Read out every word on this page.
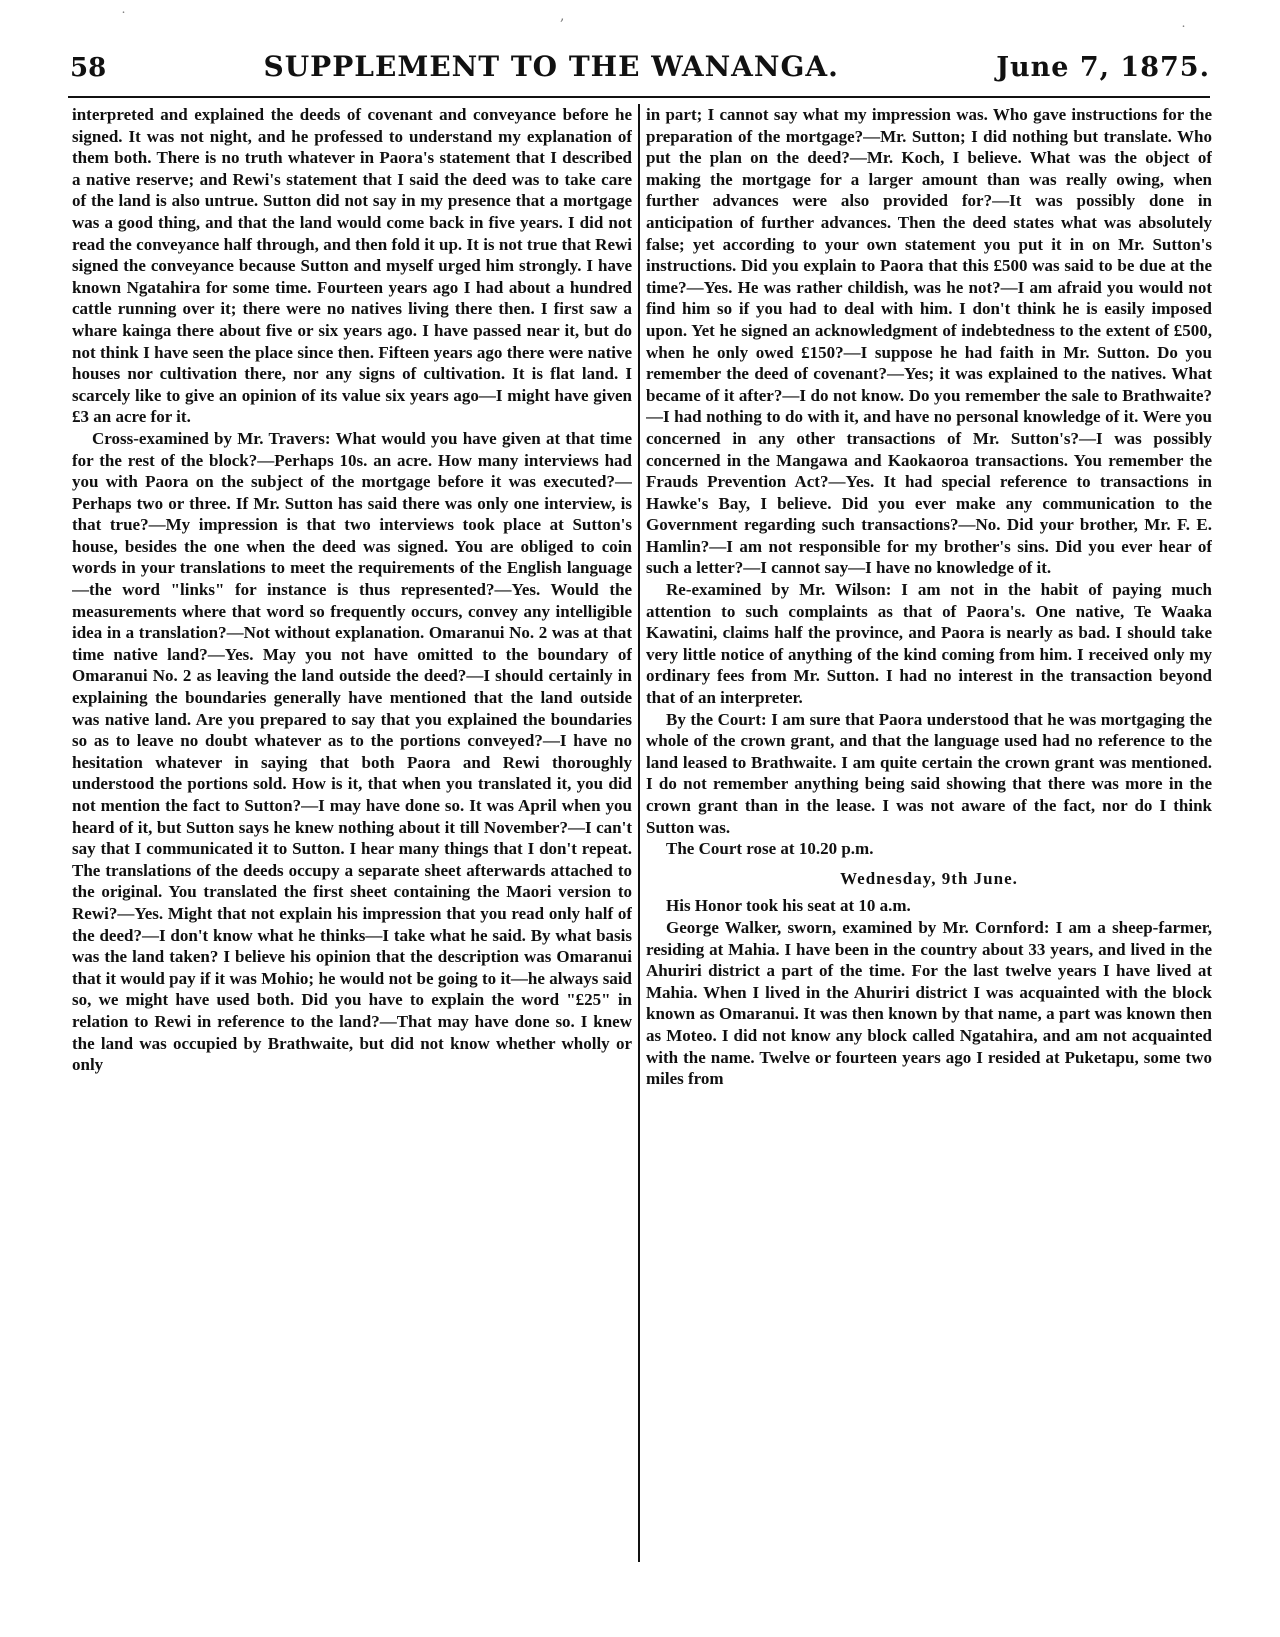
58	SUPPLEMENT TO THE WANANGA.	June 7, 1875.

interpreted and explained the deeds of covenant and conveyance before he signed. It was not night, and he professed to understand my explanation of them both. There is no truth whatever in Paora's statement that I described a native reserve; and Rewi's statement that I said the deed was to take care of the land is also untrue. Sutton did not say in my presence that a mortgage was a good thing, and that the land would come back in five years. I did not read the conveyance half through, and then fold it up. It is not true that Rewi signed the conveyance because Sutton and myself urged him strongly. I have known Ngatahira for some time. Fourteen years ago I had about a hundred cattle running over it; there were no natives living there then. I first saw a whare kainga there about five or six years ago. I have passed near it, but do not think I have seen the place since then. Fifteen years ago there were native houses nor cultivation there, nor any signs of cultivation. It is flat land. I scarcely like to give an opinion of its value six years ago—I might have given £3 an acre for it.

Cross-examined by Mr. Travers: What would you have given at that time for the rest of the block?—Perhaps 10s. an acre. How many interviews had you with Paora on the subject of the mortgage before it was executed?—Perhaps two or three. If Mr. Sutton has said there was only one interview, is that true?—My impression is that two interviews took place at Sutton's house, besides the one when the deed was signed. You are obliged to coin words in your translations to meet the requirements of the English language—the word "links" for instance is thus represented?—Yes. Would the measurements where that word so frequently occurs, convey any intelligible idea in a translation?—Not without explanation. Omaranui No. 2 was at that time native land?—Yes. May you not have omitted to the boundary of Omaranui No. 2 as leaving the land outside the deed?—I should certainly in explaining the boundaries generally have mentioned that the land outside was native land. Are you prepared to say that you explained the boundaries so as to leave no doubt whatever as to the portions conveyed?—I have no hesitation whatever in saying that both Paora and Rewi thoroughly understood the portions sold. How is it, that when you translated it, you did not mention the fact to Sutton?—I may have done so. It was April when you heard of it, but Sutton says he knew nothing about it till November?—I can't say that I communicated it to Sutton. I hear many things that I don't repeat. The translations of the deeds occupy a separate sheet afterwards attached to the original. You translated the first sheet containing the Maori version to Rewi?—Yes. Might that not explain his impression that you read only half of the deed?—I don't know what he thinks—I take what he said. By what basis was the land taken? I believe his opinion that the description was Omaranui that it would pay if it was Mohio; he would not be going to it—he always said so, we might have used both. Did you have to explain the word "£25" in relation to Rewi in reference to the land?—That may have done so. I knew the land was occupied by Brathwaite, but did not know whether wholly or only

in part; I cannot say what my impression was. Who gave instructions for the preparation of the mortgage?—Mr. Sutton; I did nothing but translate. Who put the plan on the deed?—Mr. Koch, I believe. What was the object of making the mortgage for a larger amount than was really owing, when further advances were also provided for?—It was possibly done in anticipation of further advances. Then the deed states what was absolutely false; yet according to your own statement you put it in on Mr. Sutton's instructions. Did you explain to Paora that this £500 was said to be due at the time?—Yes. He was rather childish, was he not?—I am afraid you would not find him so if you had to deal with him. I don't think he is easily imposed upon. Yet he signed an acknowledgment of indebtedness to the extent of £500, when he only owed £150?—I suppose he had faith in Mr. Sutton. Do you remember the deed of covenant?—Yes; it was explained to the natives. What became of it after?—I do not know. Do you remember the sale to Brathwaite?—I had nothing to do with it, and have no personal knowledge of it. Were you concerned in any other transactions of Mr. Sutton's?—I was possibly concerned in the Mangawa and Kaokaoroa transactions. You remember the Frauds Prevention Act?—Yes. It had special reference to transactions in Hawke's Bay, I believe. Did you ever make any communication to the Government regarding such transactions?—No. Did your brother, Mr. F. E. Hamlin?—I am not responsible for my brother's sins. Did you ever hear of such a letter?—I cannot say—I have no knowledge of it.

Re-examined by Mr. Wilson: I am not in the habit of paying much attention to such complaints as that of Paora's. One native, Te Waaka Kawatini, claims half the province, and Paora is nearly as bad. I should take very little notice of anything of the kind coming from him. I received only my ordinary fees from Mr. Sutton. I had no interest in the transaction beyond that of an interpreter.

By the Court: I am sure that Paora understood that he was mortgaging the whole of the crown grant, and that the language used had no reference to the land leased to Brathwaite. I am quite certain the crown grant was mentioned. I do not remember anything being said showing that there was more in the crown grant than in the lease. I was not aware of the fact, nor do I think Sutton was.

The Court rose at 10.20 p.m.

Wednesday, 9th June.

His Honor took his seat at 10 a.m.

George Walker, sworn, examined by Mr. Cornford: I am a sheep-farmer, residing at Mahia. I have been in the country about 33 years, and lived in the Ahuriri district a part of the time. For the last twelve years I have lived at Mahia. When I lived in the Ahuriri district I was acquainted with the block known as Omaranui. It was then known by that name, a part was known then as Moteo. I did not know any block called Ngatahira, and am not acquainted with the name. Twelve or fourteen years ago I resided at Puketapu, some two miles from

˙	,
˙
